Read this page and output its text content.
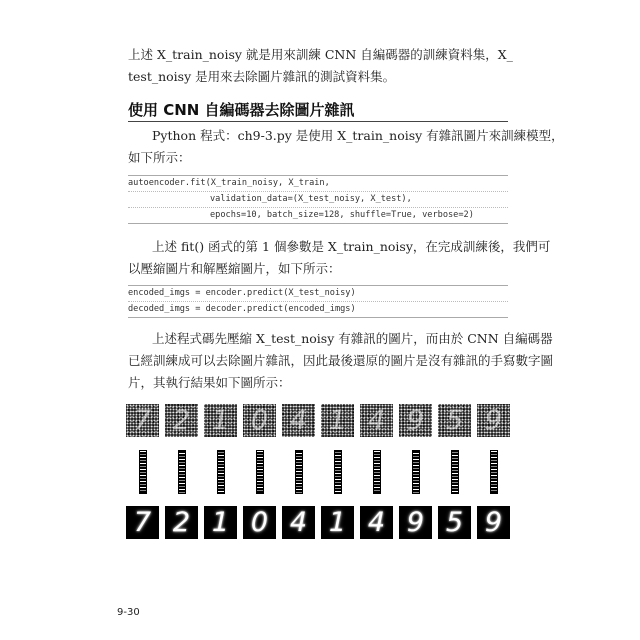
上述 X_train_noisy 就是用來訓練 CNN 自編碼器的訓練資料集，X_
test_noisy 是用來去除圖片雜訊的測試資料集。
使用 CNN 自編碼器去除圖片雜訊
Python 程式：ch9-3.py 是使用 X_train_noisy 有雜訊圖片來訓練模型，
如下所示：
autoencoder.fit(X_train_noisy, X_train,
validation_data=(X_test_noisy, X_test),
epochs=10, batch_size=128, shuffle=True, verbose=2)
上述 fit() 函式的第 1 個參數是 X_train_noisy，在完成訓練後，我們可
以壓縮圖片和解壓縮圖片，如下所示：
encoded_imgs = encoder.predict(X_test_noisy)
decoded_imgs = decoder.predict(encoded_imgs)
上述程式碼先壓縮 X_test_noisy 有雜訊的圖片，而由於 CNN 自編碼器
已經訓練成可以去除圖片雜訊，因此最後還原的圖片是沒有雜訊的手寫數字圖
片，其執行結果如下圖所示：
7 2 1 0 4 1 4 9 5 9
7 2 1 0 4 1 4 9 5 9
9-30
